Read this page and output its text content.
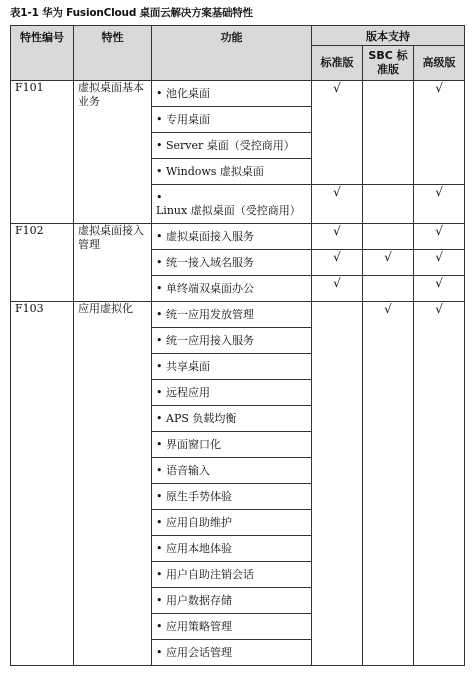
表1-1 华为 FusionCloud 桌面云解决方案基础特性
特性编号	特性	功能	版本支持		
			标准版	SBC 标准版	高级版
F101	虚拟桌面基本业务	• 池化桌面	√		√
		• 专用桌面			
		• Server 桌面（受控商用）			
		• Windows 虚拟桌面			
		•Linux 虚拟桌面（受控商用）	√		√
F102	虚拟桌面接入管理	• 虚拟桌面接入服务	√		√
		• 统一接入域名服务	√	√	√
		• 单终端双桌面办公	√		√
F103	应用虚拟化	• 统一应用发放管理		√	√
		• 统一应用接入服务			
		• 共享桌面			
		• 远程应用			
		• APS 负载均衡			
		• 界面窗口化			
		• 语音输入			
		• 原生手势体验			
		• 应用自助维护			
		• 应用本地体验			
		• 用户自助注销会话			
		• 用户数据存储			
		• 应用策略管理			
		• 应用会话管理			
